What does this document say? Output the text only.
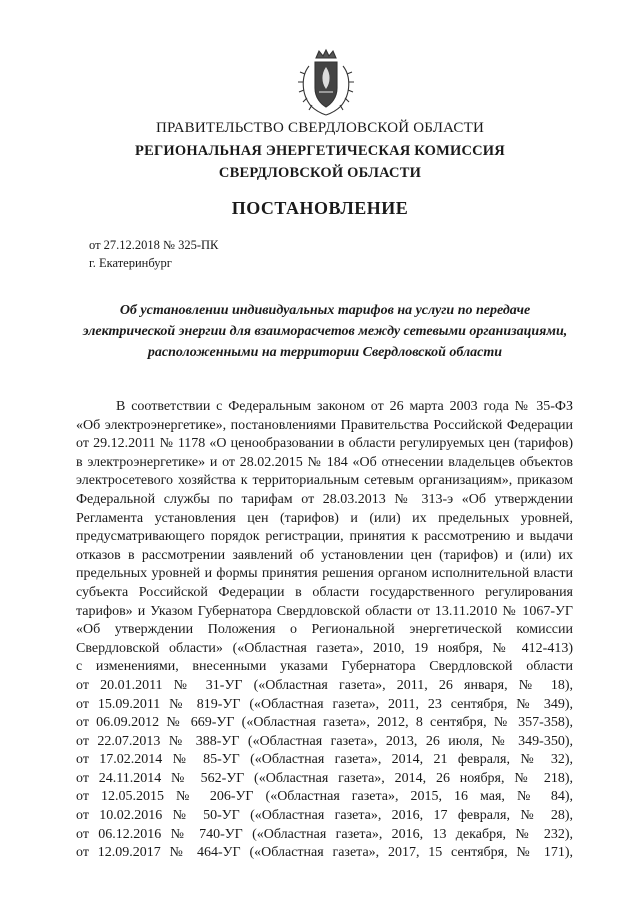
ПРАВИТЕЛЬСТВО СВЕРДЛОВСКОЙ ОБЛАСТИ
РЕГИОНАЛЬНАЯ ЭНЕРГЕТИЧЕСКАЯ КОМИССИЯ
СВЕРДЛОВСКОЙ ОБЛАСТИ
ПОСТАНОВЛЕНИЕ
от 27.12.2018 № 325-ПК
г. Екатеринбург
Об установлении индивидуальных тарифов на услуги по передаче
электрической энергии для взаиморасчетов между сетевыми организациями,
расположенными на территории Свердловской области
В соответствии с Федеральным законом от 26 марта 2003 года № 35-ФЗ
«Об электроэнергетике», постановлениями Правительства Российской Федерации
от 29.12.2011 № 1178 «О ценообразовании в области регулируемых цен (тарифов)
в электроэнергетике» и от 28.02.2015 № 184 «Об отнесении владельцев объектов
электросетевого хозяйства к территориальным сетевым организациям», приказом
Федеральной службы по тарифам от 28.03.2013 № 313-э «Об утверждении
Регламента установления цен (тарифов) и (или) их предельных уровней,
предусматривающего порядок регистрации, принятия к рассмотрению и выдачи
отказов в рассмотрении заявлений об установлении цен (тарифов) и (или) их
предельных уровней и формы принятия решения органом исполнительной власти
субъекта Российской Федерации в области государственного регулирования
тарифов» и Указом Губернатора Свердловской области от 13.11.2010 № 1067-УГ
«Об утверждении Положения о Региональной энергетической комиссии
Свердловской области» («Областная газета», 2010, 19 ноября, № 412-413)
с изменениями, внесенными указами Губернатора Свердловской области
от 20.01.2011 № 31-УГ («Областная газета», 2011, 26 января, № 18),
от 15.09.2011 № 819-УГ («Областная газета», 2011, 23 сентября, № 349),
от 06.09.2012 № 669-УГ («Областная газета», 2012, 8 сентября, № 357-358),
от 22.07.2013 № 388-УГ («Областная газета», 2013, 26 июля, № 349-350),
от 17.02.2014 № 85-УГ («Областная газета», 2014, 21 февраля, № 32),
от 24.11.2014 № 562-УГ («Областная газета», 2014, 26 ноября, № 218),
от 12.05.2015 № 206-УГ («Областная газета», 2015, 16 мая, № 84),
от 10.02.2016 № 50-УГ («Областная газета», 2016, 17 февраля, № 28),
от 06.12.2016 № 740-УГ («Областная газета», 2016, 13 декабря, № 232),
от 12.09.2017 № 464-УГ («Областная газета», 2017, 15 сентября, № 171),
